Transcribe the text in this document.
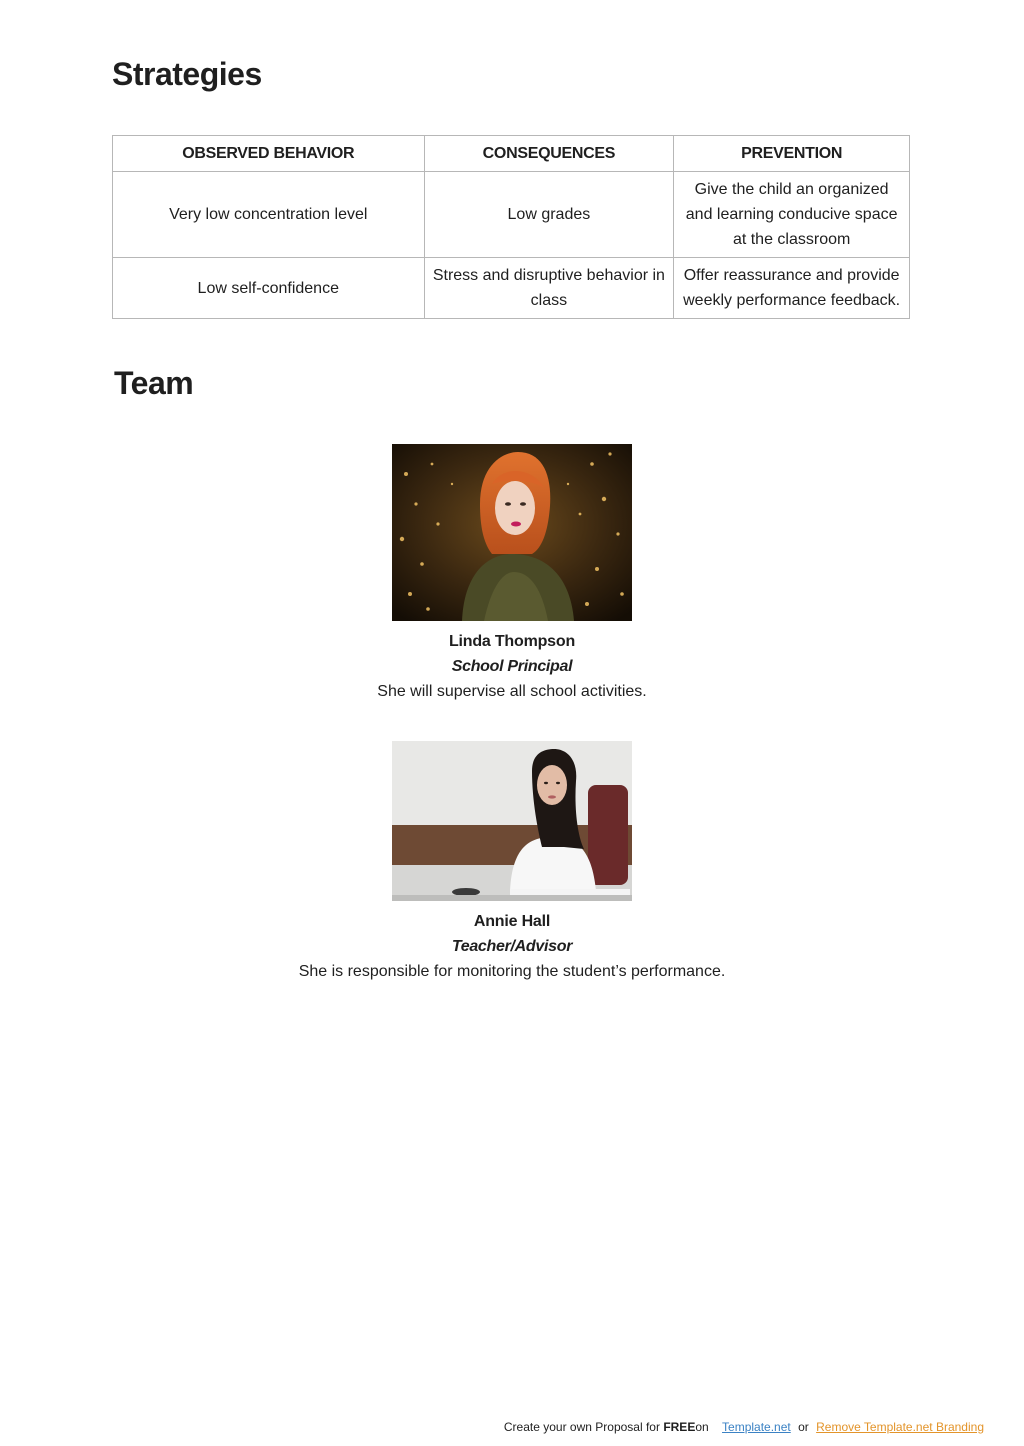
Strategies
OBSERVED BEHAVIOR	CONSEQUENCES	PREVENTION
Very low concentration level	Low grades	Give the child an organized and learning conducive space at the classroom
Low self-confidence	Stress and disruptive behavior in class	Offer reassurance and provide weekly performance feedback.
Team
Linda Thompson
School Principal
She will supervise all school activities.
Annie Hall
Teacher/Advisor
She is responsible for monitoring the student’s performance.
Create your own Proposal for FREEon Template.net or Remove Template.net Branding
